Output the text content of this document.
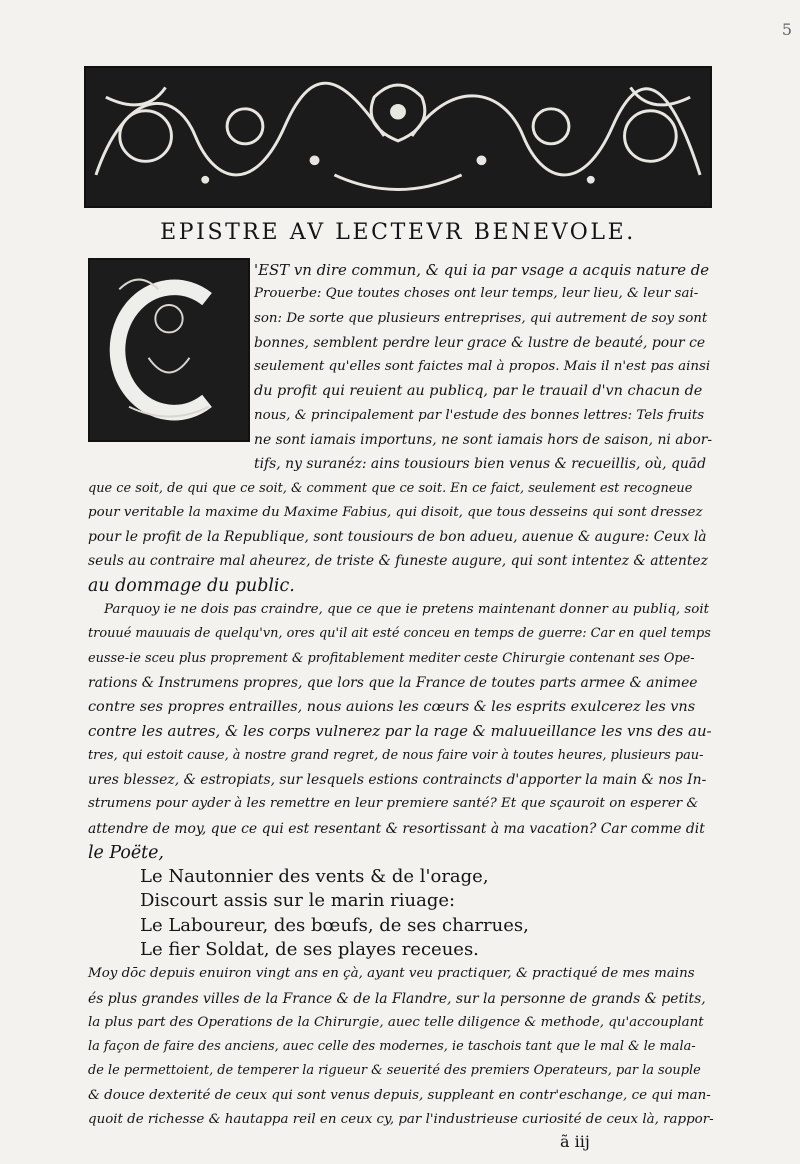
5
EPISTRE AV LECTEVR BENEVOLE.
'EST vn dire commun, & qui ia par vsage a acquis nature de
Prouerbe: Que toutes choses ont leur temps, leur lieu, & leur sai-
son: De sorte que plusieurs entreprises, qui autrement de soy sont
bonnes, semblent perdre leur grace & lustre de beauté, pour ce
seulement qu'elles sont faictes mal à propos. Mais il n'est pas ainsi
du profit qui reuient au publicq, par le trauail d'vn chacun de
nous, & principalement par l'estude des bonnes lettres: Tels fruits
ne sont iamais importuns, ne sont iamais hors de saison, ni abor-
tifs, ny suranéz: ains tousiours bien venus & recueillis, où, quād
que ce soit, de qui que ce soit, & comment que ce soit. En ce faict, seulement est recogneue
pour veritable la maxime du Maxime Fabius, qui disoit, que tous desseins qui sont dressez
pour le profit de la Republique, sont tousiours de bon adueu, auenue & augure: Ceux là
seuls au contraire mal aheurez, de triste & funeste augure, qui sont intentez & attentez
au dommage du public.
Parquoy ie ne dois pas craindre, que ce que ie pretens maintenant donner au publiq, soit
trouué mauuais de quelqu'vn, ores qu'il ait esté conceu en temps de guerre: Car en quel temps
eusse-ie sceu plus proprement & profitablement mediter ceste Chirurgie contenant ses Ope-
rations & Instrumens propres, que lors que la France de toutes parts armee & animee
contre ses propres entrailles, nous auions les cœurs & les esprits exulcerez les vns
contre les autres, & les corps vulnerez par la rage & maluueillance les vns des au-
tres, qui estoit cause, à nostre grand regret, de nous faire voir à toutes heures, plusieurs pau-
ures blessez, & estropiats, sur lesquels estions contraincts d'apporter la main & nos In-
strumens pour ayder à les remettre en leur premiere santé? Et que sçauroit on esperer &
attendre de moy, que ce qui est resentant & resortissant à ma vacation? Car comme dit
le Poëte,
Le Nautonnier des vents & de l'orage,
Discourt assis sur le marin riuage:
Le Laboureur, des bœufs, de ses charrues,
Le fier Soldat, de ses playes receues.
Moy dōc depuis enuiron vingt ans en çà, ayant veu practiquer, & practiqué de mes mains
és plus grandes villes de la France & de la Flandre, sur la personne de grands & petits,
la plus part des Operations de la Chirurgie, auec telle diligence & methode, qu'accouplant
la façon de faire des anciens, auec celle des modernes, ie taschois tant que le mal & le mala-
de le permettoient, de temperer la rigueur & seuerité des premiers Operateurs, par la souple
& douce dexterité de ceux qui sont venus depuis, suppleant en contr'eschange, ce qui man-
quoit de richesse & hautappa reil en ceux cy, par l'industrieuse curiosité de ceux là, rappor-
ã iij
